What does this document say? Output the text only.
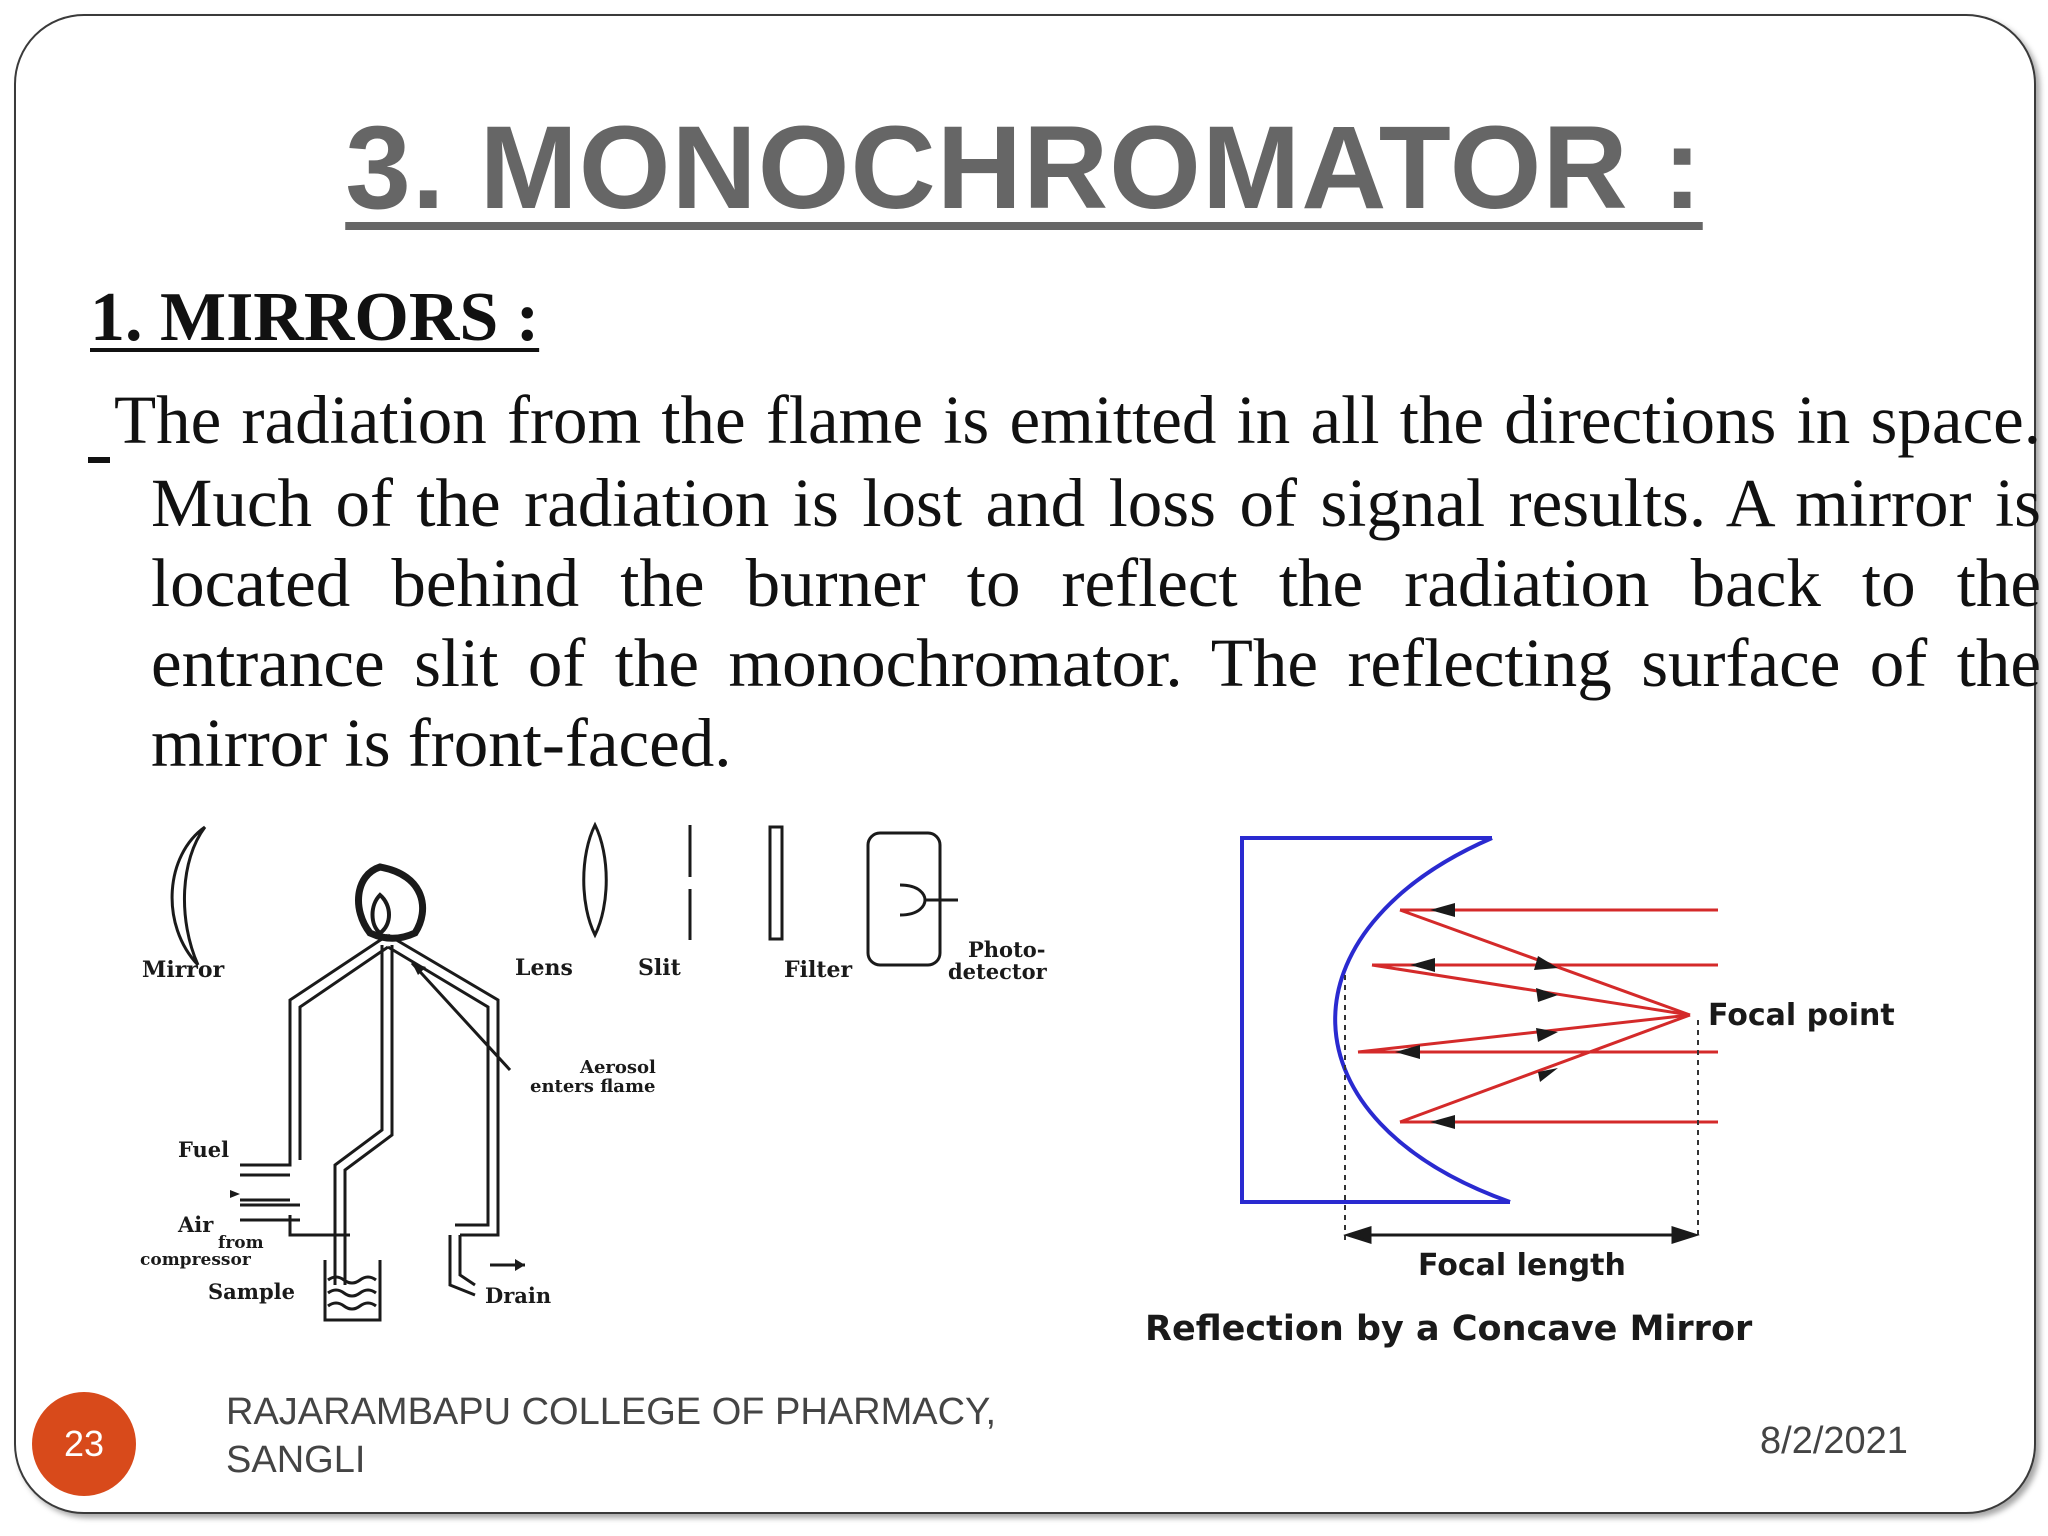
3. MONOCHROMATOR :
1. MIRRORS :

The radiation from the flame is emitted in all the directions in space. Much of the radiation is lost and loss of signal results. A mirror is located behind the burner to reflect the radiation back to the entrance slit of the monochromator. The reflecting surface of the mirror is front-faced.

Mirror	Lens	Slit	Filter
Photo-
detector
Aerosol
enters flame
Fuel
Air
from
compressor
Sample	Drain
Focal point
Focal length
Reflection by a Concave Mirror
23
RAJARAMBAPU COLLEGE OF PHARMACY,
SANGLI	8/2/2021
